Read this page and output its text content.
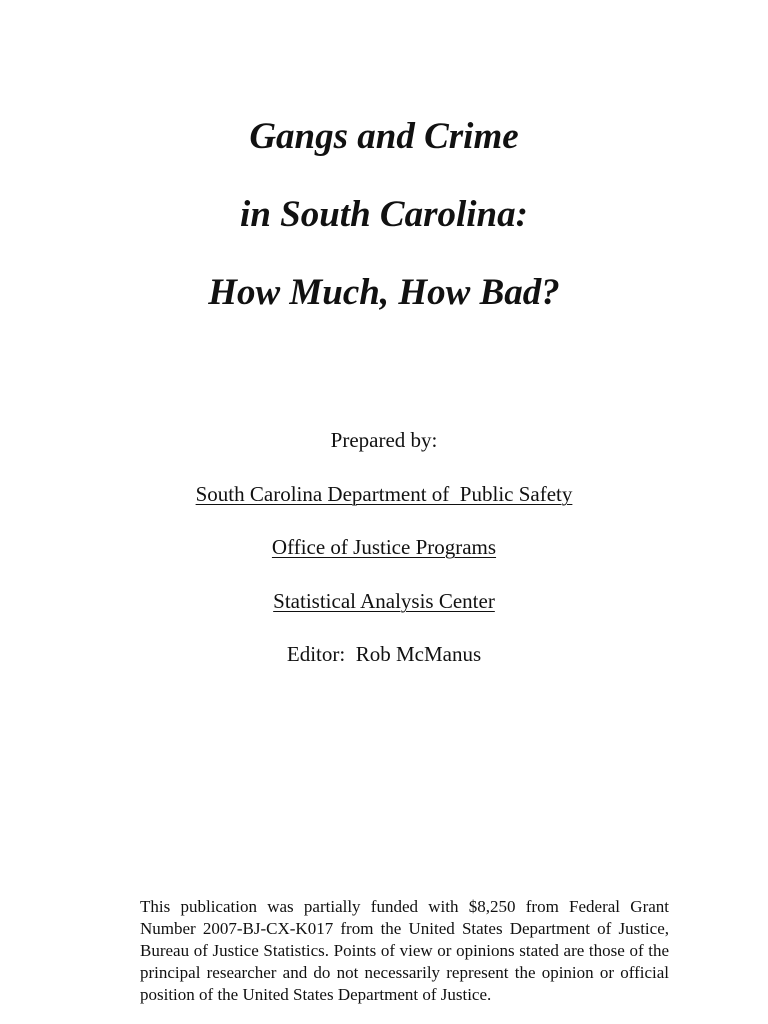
Gangs and Crime
in South Carolina:
How Much, How Bad?
Prepared by:
South Carolina Department of  Public Safety
Office of Justice Programs
Statistical Analysis Center
Editor:  Rob McManus
This publication was partially funded with $8,250 from Federal Grant Number 2007-BJ-CX-K017 from the United States Department of Justice, Bureau of Justice Statistics. Points of view or opinions stated are those of the principal researcher and do not necessarily represent the opinion or official position of the United States Department of Justice.
